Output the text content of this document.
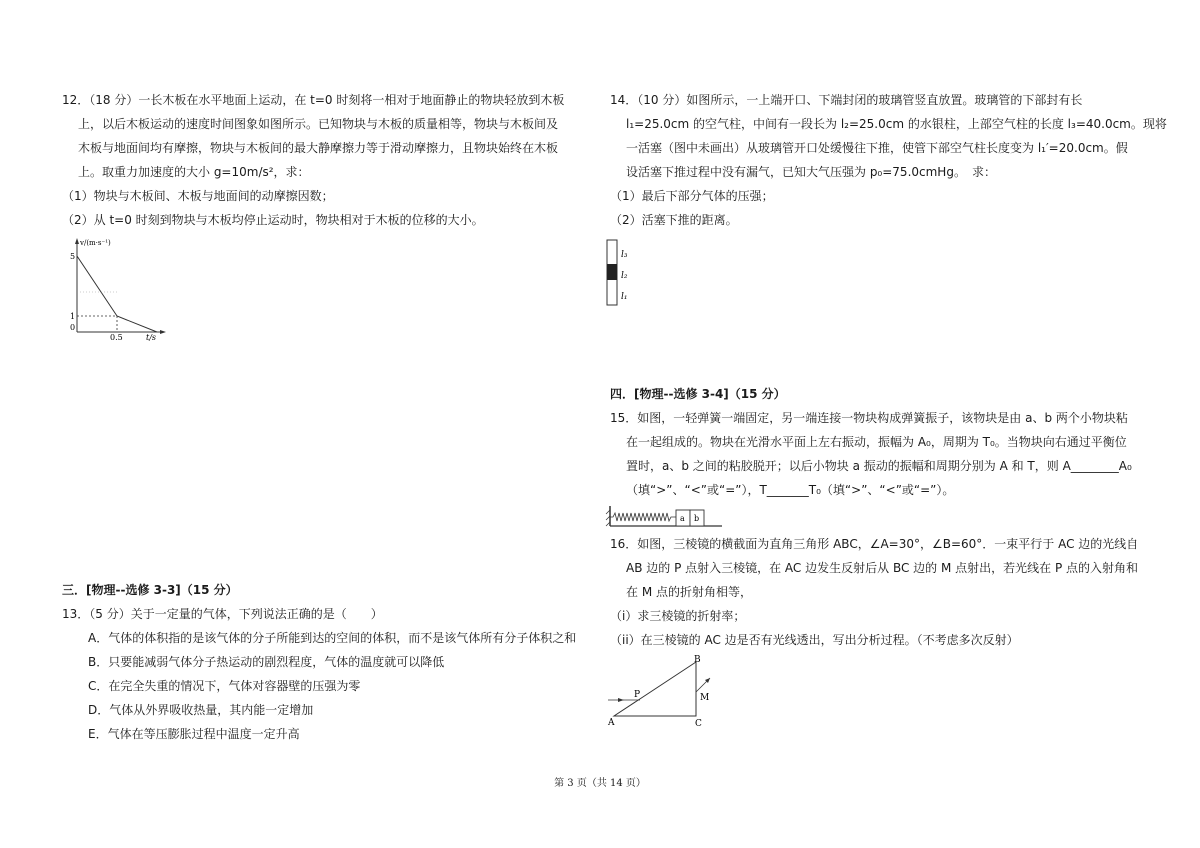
12．（18 分）一长木板在水平地面上运动，在 t=0 时刻将一相对于地面静止的物块轻放到木板
上，以后木板运动的速度时间图象如图所示。已知物块与木板的质量相等，物块与木板间及
木板与地面间均有摩擦，物块与木板间的最大静摩擦力等于滑动摩擦力，且物块始终在木板
上。取重力加速度的大小 g=10m/s²，求：
（1）物块与木板间、木板与地面间的动摩擦因数；
（2）从 t=0 时刻到物块与木板均停止运动时，物块相对于木板的位移的大小。
v/(m·s⁻¹)
5
1
0
0.5	t/s
三．[物理--选修 3-3]（15 分）
13．（5 分）关于一定量的气体，下列说法正确的是（　　）
A．气体的体积指的是该气体的分子所能到达的空间的体积，而不是该气体所有分子体积之和
B．只要能减弱气体分子热运动的剧烈程度，气体的温度就可以降低
C．在完全失重的情况下，气体对容器壁的压强为零
D．气体从外界吸收热量，其内能一定增加
E．气体在等压膨胀过程中温度一定升高
14．（10 分）如图所示，一上端开口、下端封闭的玻璃管竖直放置。玻璃管的下部封有长
l₁=25.0cm 的空气柱，中间有一段长为 l₂=25.0cm 的水银柱，上部空气柱的长度 l₃=40.0cm。现将
一活塞（图中未画出）从玻璃管开口处缓慢往下推，使管下部空气柱长度变为 l₁′=20.0cm。假
设活塞下推过程中没有漏气，已知大气压强为 p₀=75.0cmHg。　求：
（1）最后下部分气体的压强；
（2）活塞下推的距离。
l₃
l₂
l₁
四．[物理--选修 3-4]（15 分）
15．如图，一轻弹簧一端固定，另一端连接一物块构成弹簧振子，该物块是由 a、b 两个小物块粘
在一起组成的。物块在光滑水平面上左右振动，振幅为 A₀，周期为 T₀。当物块向右通过平衡位
置时，a、b 之间的粘胶脱开；以后小物块 a 振动的振幅和周期分别为 A 和 T，则 A________A₀
（填“>”、“<”或“=”），T_______T₀（填“>”、“<”或“=”）。
a b
16．如图，三棱镜的横截面为直角三角形 ABC，∠A=30°，∠B=60°．一束平行于 AC 边的光线自
AB 边的 P 点射入三棱镜，在 AC 边发生反射后从 BC 边的 M 点射出，若光线在 P 点的入射角和
在 M 点的折射角相等，
（i）求三棱镜的折射率；
（ii）在三棱镜的 AC 边是否有光线透出，写出分析过程。（不考虑多次反射）
A
B
C
P	M
第 3 页（共 14 页）
